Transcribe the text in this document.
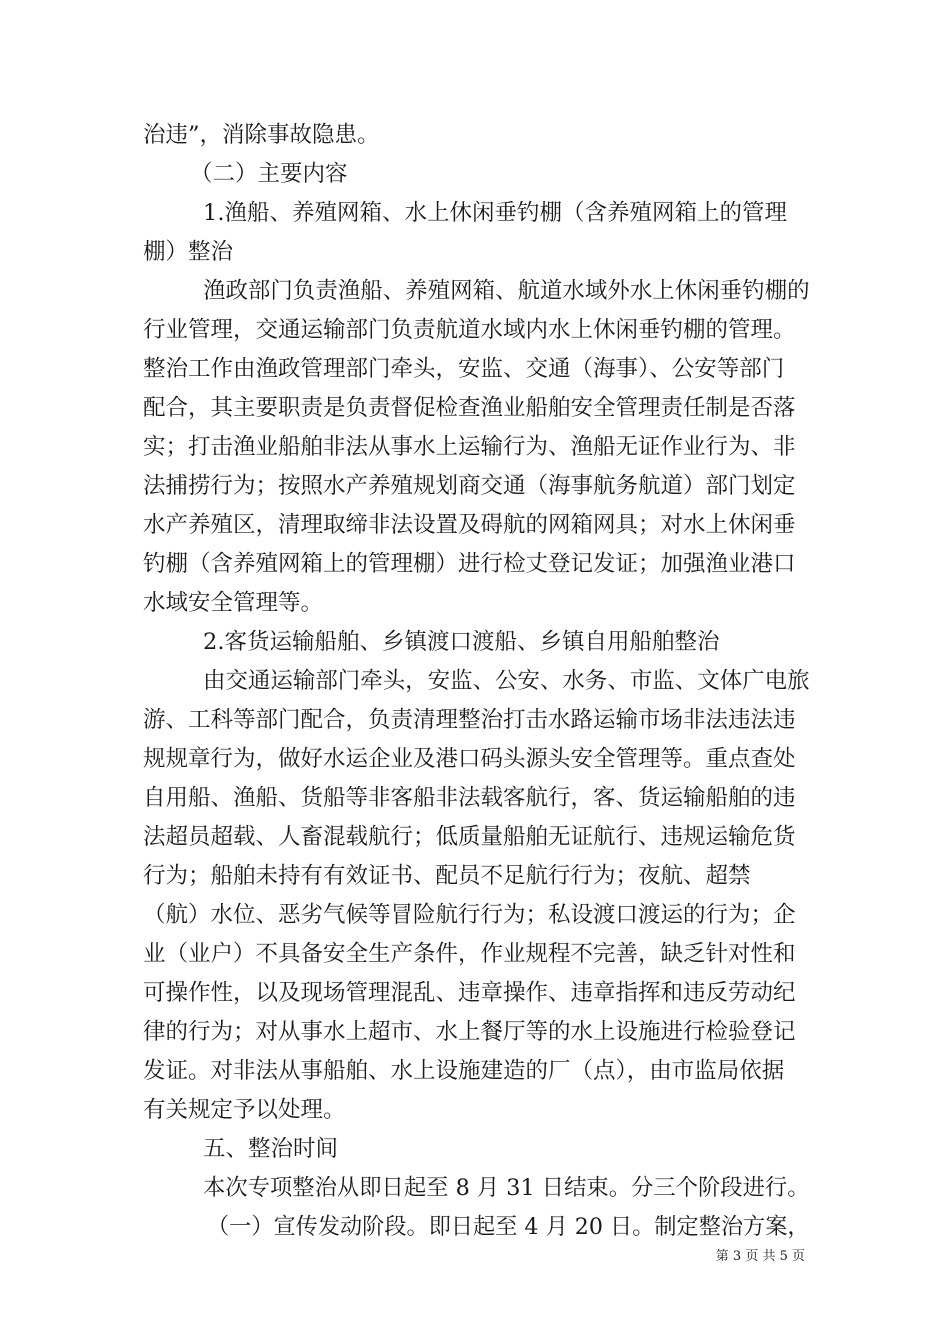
治违”，消除事故隐患。
（二）主要内容
1.渔船、养殖网箱、水上休闲垂钓棚（含养殖网箱上的管理
棚）整治
渔政部门负责渔船、养殖网箱、航道水域外水上休闲垂钓棚的
行业管理，交通运输部门负责航道水域内水上休闲垂钓棚的管理。
整治工作由渔政管理部门牵头，安监、交通（海事）、公安等部门
配合，其主要职责是负责督促检查渔业船舶安全管理责任制是否落
实；打击渔业船舶非法从事水上运输行为、渔船无证作业行为、非
法捕捞行为；按照水产养殖规划商交通（海事航务航道）部门划定
水产养殖区，清理取缔非法设置及碍航的网箱网具；对水上休闲垂
钓棚（含养殖网箱上的管理棚）进行检丈登记发证；加强渔业港口
水域安全管理等。
2.客货运输船舶、乡镇渡口渡船、乡镇自用船舶整治
由交通运输部门牵头，安监、公安、水务、市监、文体广电旅
游、工科等部门配合，负责清理整治打击水路运输市场非法违法违
规规章行为，做好水运企业及港口码头源头安全管理等。重点查处
自用船、渔船、货船等非客船非法载客航行，客、货运输船舶的违
法超员超载、人畜混载航行；低质量船舶无证航行、违规运输危货
行为；船舶未持有有效证书、配员不足航行行为；夜航、超禁
（航）水位、恶劣气候等冒险航行行为；私设渡口渡运的行为；企
业（业户）不具备安全生产条件，作业规程不完善，缺乏针对性和
可操作性，以及现场管理混乱、违章操作、违章指挥和违反劳动纪
律的行为；对从事水上超市、水上餐厅等的水上设施进行检验登记
发证。对非法从事船舶、水上设施建造的厂（点），由市监局依据
有关规定予以处理。
五、整治时间
本次专项整治从即日起至 8 月 31 日结束。分三个阶段进行。
（一）宣传发动阶段。即日起至 4 月 20 日。制定整治方案，
第 3 页 共 5 页
